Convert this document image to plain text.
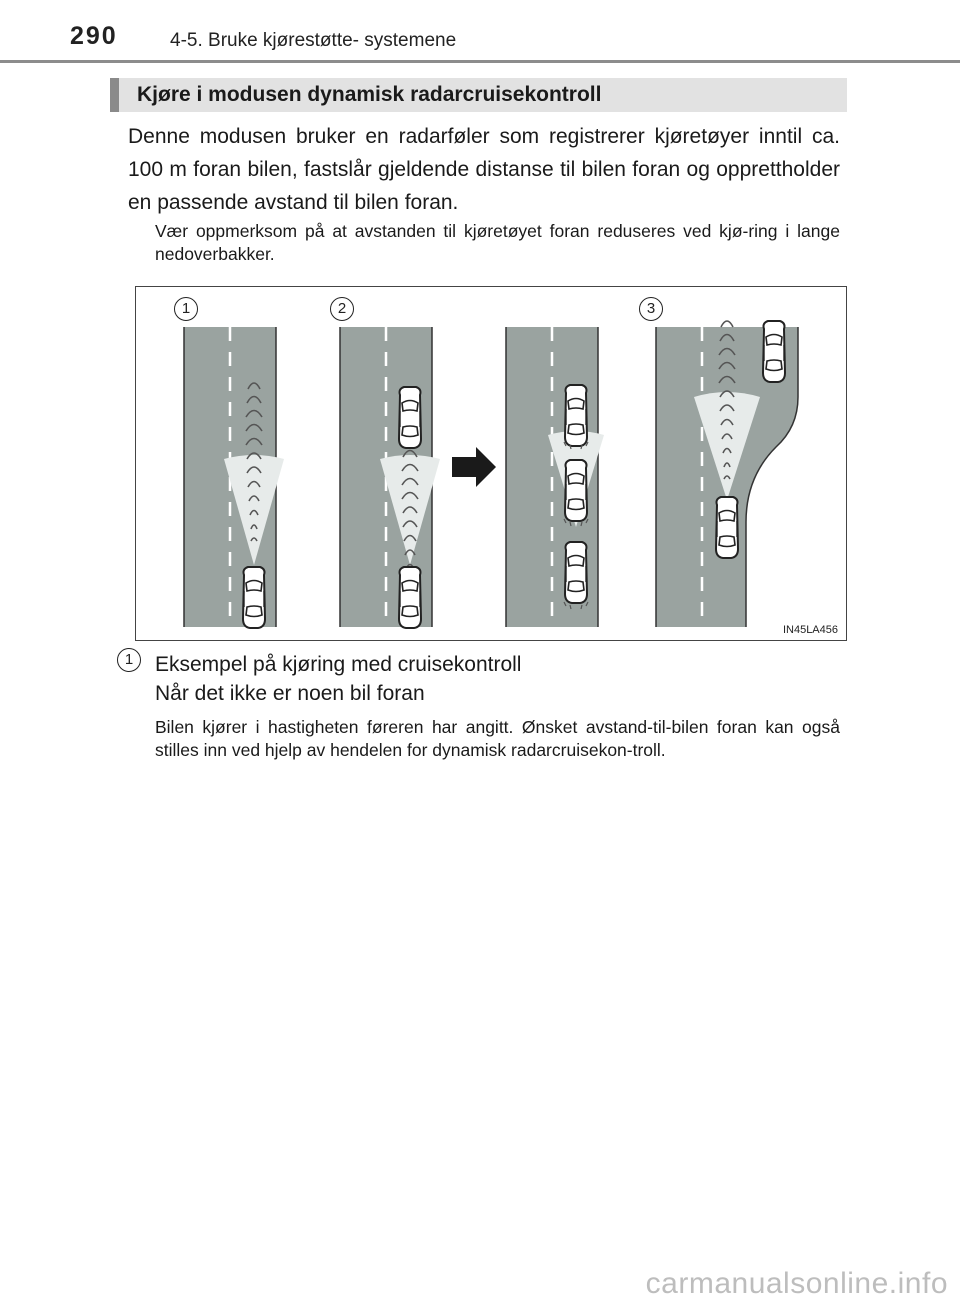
290	4-5. Bruke kjørestøtte- systemene
Kjøre i modusen dynamisk radarcruisekontroll

Denne modusen bruker en radarføler som registrerer kjøretøyer inntil ca. 100 m foran bilen, fastslår gjeldende distanse til bilen foran og opprettholder en passende avstand til bilen foran.

Vær oppmerksom på at avstanden til kjøretøyet foran reduseres ved kjø-ring i lange nedoverbakker.

1	2	3
IN45LA456
1	Eksempel på kjøring med cruisekontroll
Når det ikke er noen bil foran

Bilen kjører i hastigheten føreren har angitt. Ønsket avstand-til-bilen foran kan også stilles inn ved hjelp av hendelen for dynamisk radarcruisekon-troll.

carmanualsonline.info
